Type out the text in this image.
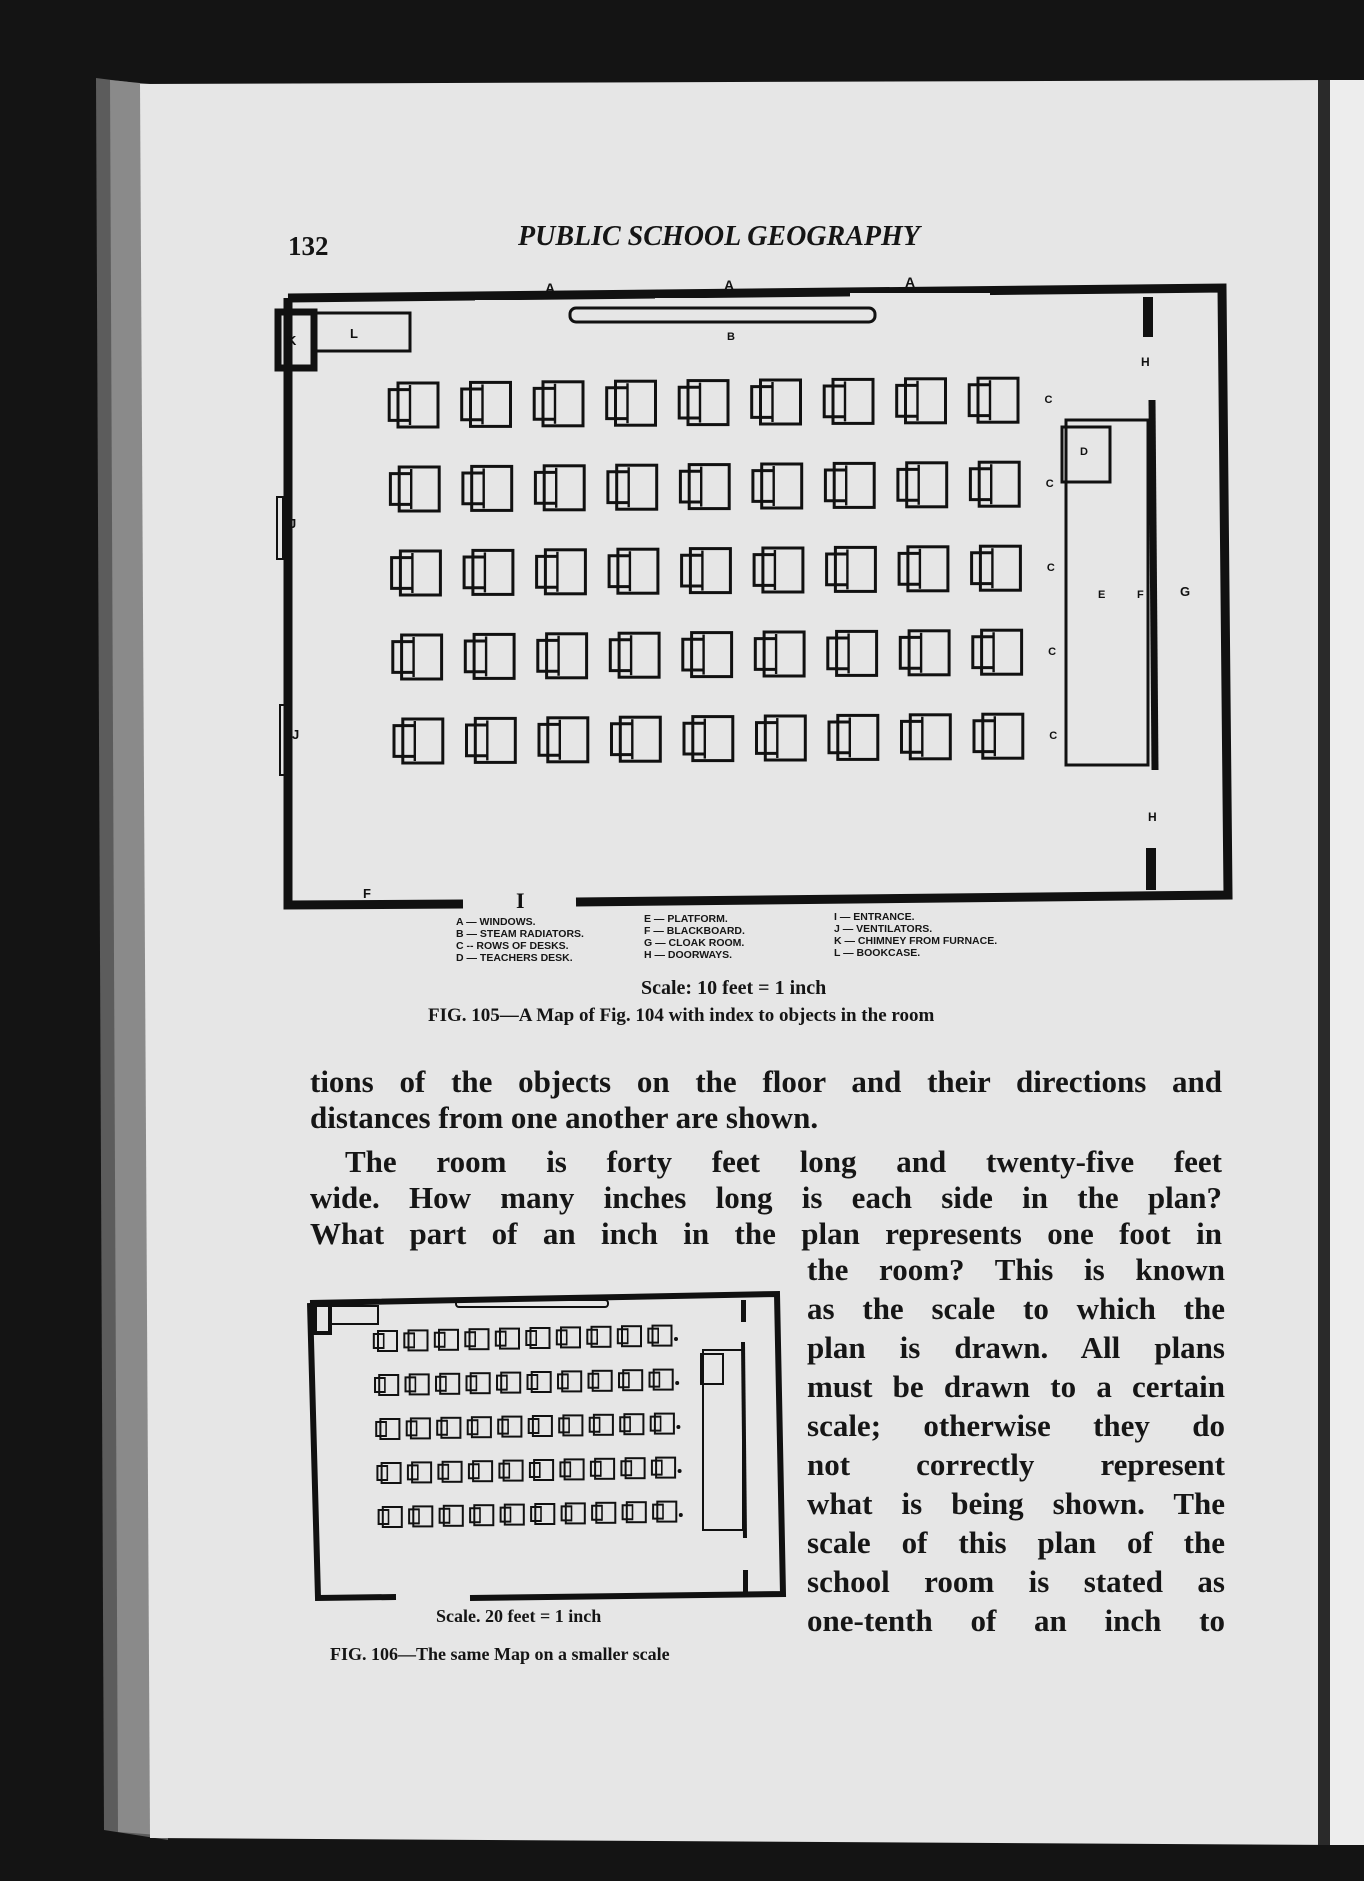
132	PUBLIC SCHOOL GEOGRAPHY
C
C
C
C
C
A	A	A
B
K	L
J
J
H
H
D
E	F	G
F	I
A — WINDOWS.
B — STEAM RADIATORS.
C -- ROWS OF DESKS.
D — TEACHERS DESK.
E — PLATFORM.
F — BLACKBOARD.
G — CLOAK ROOM.
H — DOORWAYS.
I — ENTRANCE.
J — VENTILATORS.
K — CHIMNEY FROM FURNACE.
L — BOOKCASE.
Scale: 10 feet = 1 inch
FIG. 105—A Map of Fig. 104 with index to objects in the room
Scale. 20 feet = 1 inch
FIG. 106—The same Map on a smaller scale
tions of the objects on the floor and their directions and
distances from one another are shown.
The room is forty feet long and twenty-five feet
wide. How many inches long is each side in the plan?
What part of an inch in the plan represents one foot in
the room? This is known
as the scale to which the
plan is drawn. All plans
must be drawn to a certain
scale; otherwise they do
not correctly represent
what is being shown. The
scale of this plan of the
school room is stated as
one-tenth of an inch to
